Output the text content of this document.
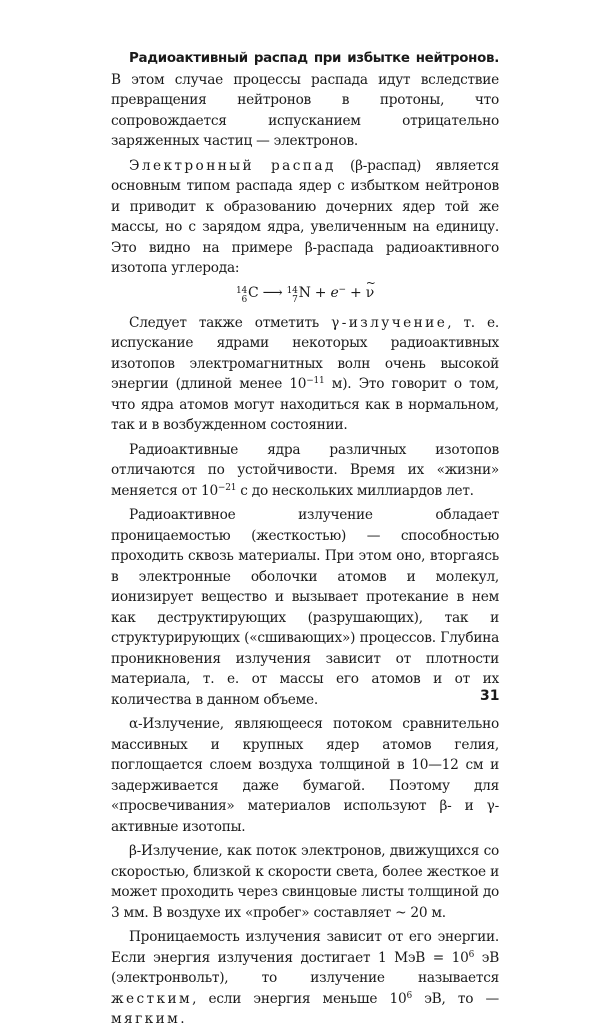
Радиоактивный распад при избытке нейтронов. В этом случае процессы распада идут вследствие превращения нейтронов в протоны, что сопровождается испусканием отрицательно заряженных частиц — электронов.

Электронный распад (β-распад) является основным типом распада ядер с избытком нейтронов и приводит к образованию дочерних ядер той же массы, но с зарядом ядра, увеличенным на единицу. Это видно на примере β-распада радиоактивного изотопа углерода:

14
6 C ⟶ 14
7 N + e− + ~ ν

Следует также отметить γ-излучение, т. е. испускание ядрами некоторых радиоактивных изотопов электромагнитных волн очень высокой энергии (длиной менее $10^{-11}$ м). Это говорит о том, что ядра атомов могут находиться как в нормальном, так и в возбужденном состоянии.

Радиоактивные ядра различных изотопов отличаются по устойчивости. Время их «жизни» меняется от $10^{-21}$ с до нескольких миллиардов лет.

Радиоактивное излучение обладает проницаемостью (жесткостью) — способностью проходить сквозь материалы. При этом оно, вторгаясь в электронные оболочки атомов и молекул, ионизирует вещество и вызывает протекание в нем как деструктирующих (разрушающих), так и структурирующих («сшивающих») процессов. Глубина проникновения излучения зависит от плотности материала, т. е. от массы его атомов и от их количества в данном объеме.

α-Излучение, являющееся потоком сравнительно массивных и крупных ядер атомов гелия, поглощается слоем воздуха толщиной в 10—12 см и задерживается даже бумагой. Поэтому для «просвечивания» материалов используют β- и γ-активные изотопы.

β-Излучение, как поток электронов, движущихся со скоростью, близкой к скорости света, более жесткое и может проходить через свинцовые листы толщиной до 3 мм. В воздухе их «пробег» составляет ~ 20 м.

Проницаемость излучения зависит от его энергии. Если энергия излучения достигает 1 МэВ = $10^6$ эВ (электронвольт), то излучение называется жестким, если энергия меньше $10^6$ эВ, то — мягким.

31
